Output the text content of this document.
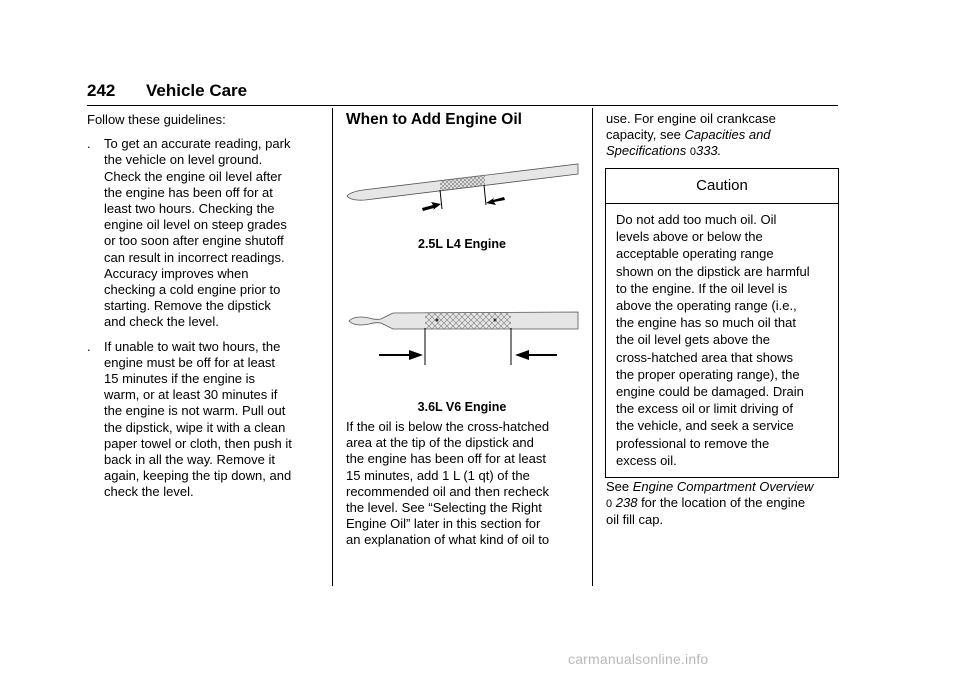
242 Vehicle Care

Follow these guidelines:

. To get an accurate reading, park
the vehicle on level ground.
Check the engine oil level after
the engine has been off for at
least two hours. Checking the
engine oil level on steep grades
or too soon after engine shutoff
can result in incorrect readings.
Accuracy improves when
checking a cold engine prior to
starting. Remove the dipstick
and check the level.
. If unable to wait two hours, the
engine must be off for at least
15 minutes if the engine is
warm, or at least 30 minutes if
the engine is not warm. Pull out
the dipstick, wipe it with a clean
paper towel or cloth, then push it
back in all the way. Remove it
again, keeping the tip down, and
check the level.
When to Add Engine Oil
2.5L L4 Engine
3.6L V6 Engine
If the oil is below the cross-hatched
area at the tip of the dipstick and
the engine has been off for at least
15 minutes, add 1 L (1 qt) of the
recommended oil and then recheck
the level. See “Selecting the Right
Engine Oil” later in this section for
an explanation of what kind of oil to
use. For engine oil crankcase
capacity, see Capacities and
Specifications 0333.
Caution
Do not add too much oil. Oil
levels above or below the
acceptable operating range
shown on the dipstick are harmful
to the engine. If the oil level is
above the operating range (i.e.,
the engine has so much oil that
the oil level gets above the
cross-hatched area that shows
the proper operating range), the
engine could be damaged. Drain
the excess oil or limit driving of
the vehicle, and seek a service
professional to remove the
excess oil.
See Engine Compartment Overview
0 238 for the location of the engine
oil fill cap.
carmanualsonline.info
